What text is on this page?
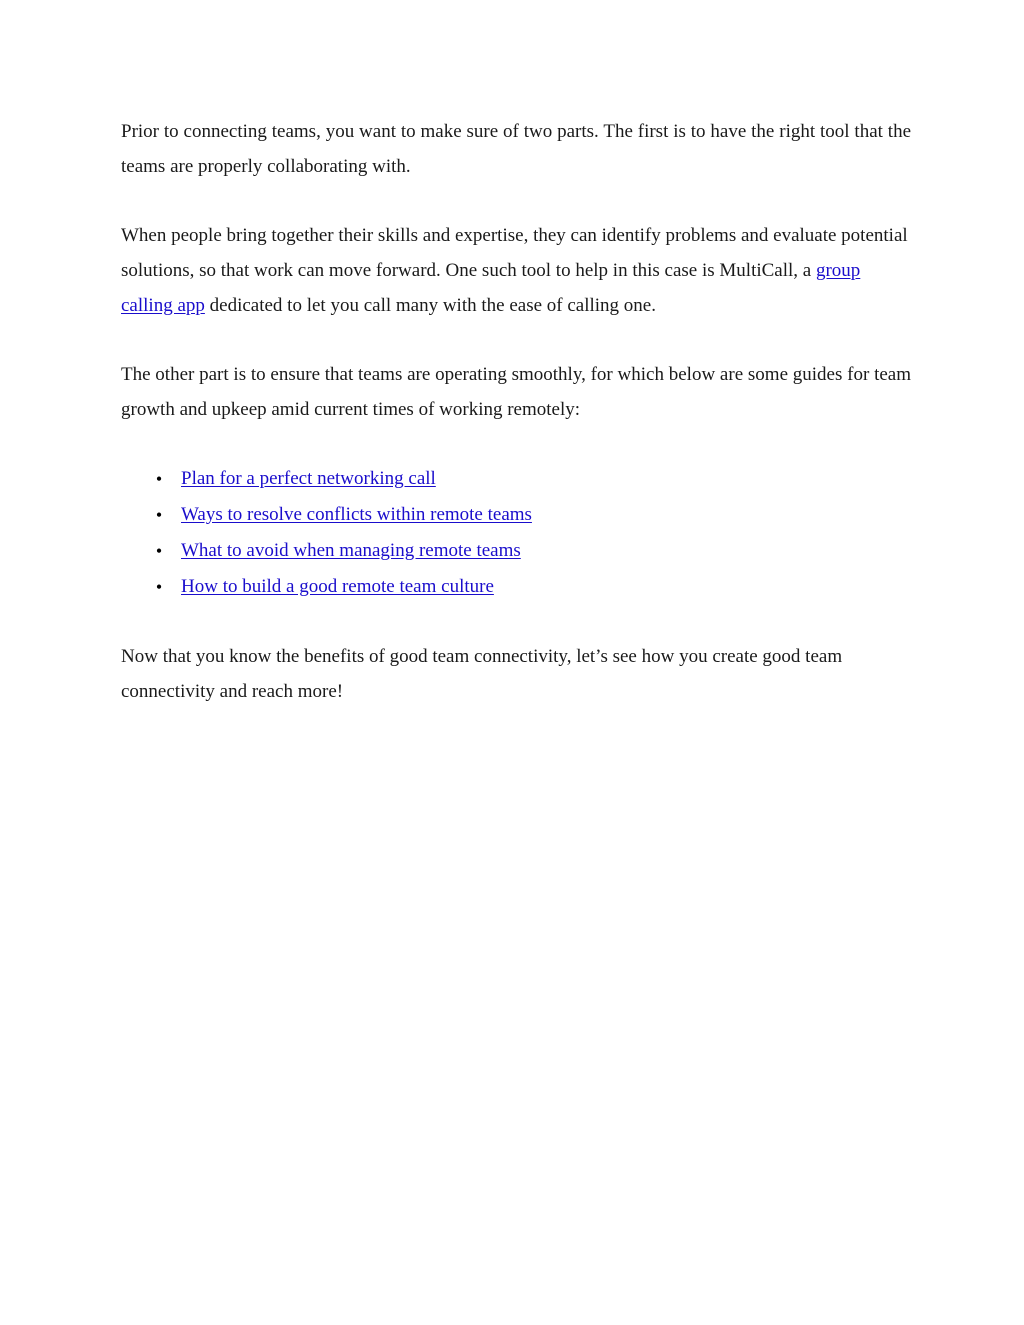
Prior to connecting teams, you want to make sure of two parts. The first is to have the right tool that the teams are properly collaborating with.

When people bring together their skills and expertise, they can identify problems and evaluate potential solutions, so that work can move forward. One such tool to help in this case is MultiCall, a group calling app dedicated to let you call many with the ease of calling one.

The other part is to ensure that teams are operating smoothly, for which below are some guides for team growth and upkeep amid current times of working remotely:

• Plan for a perfect networking call
• Ways to resolve conflicts within remote teams
• What to avoid when managing remote teams
• How to build a good remote team culture

Now that you know the benefits of good team connectivity, let’s see how you create good team connectivity and reach more!
